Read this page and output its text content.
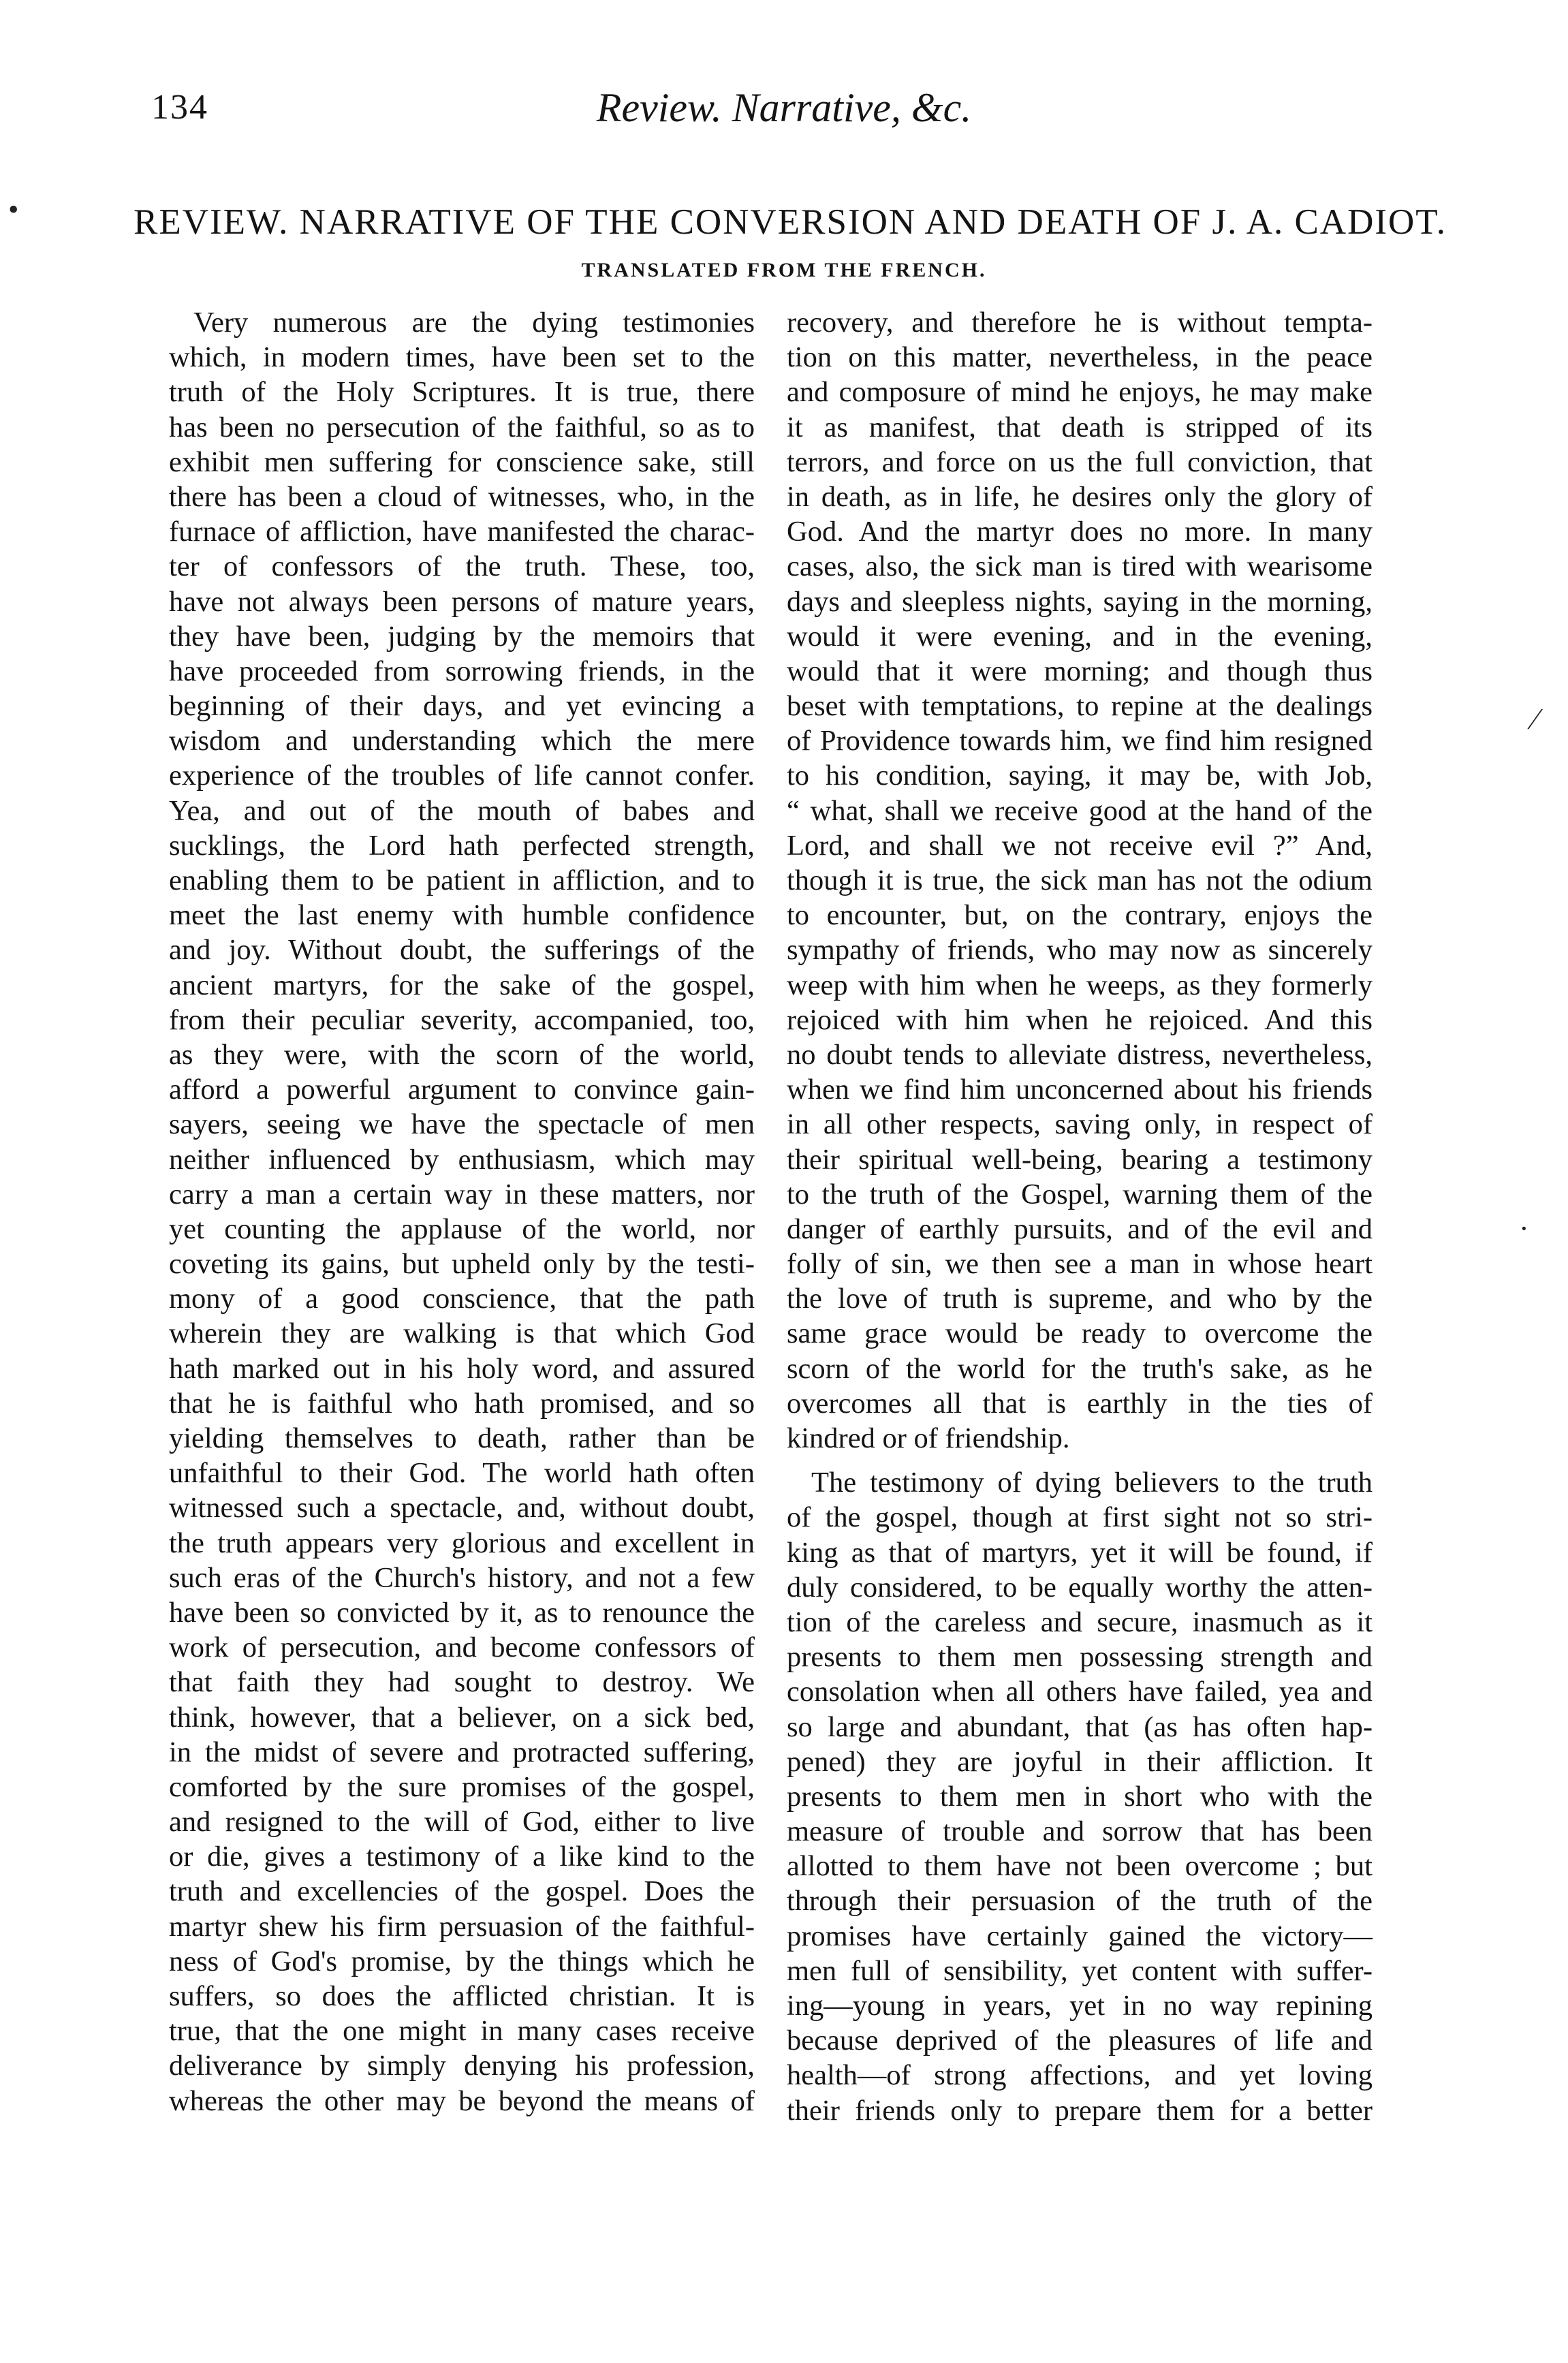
134	Review. Narrative, &c.
REVIEW. NARRATIVE OF THE CONVERSION AND DEATH OF J. A. CADIOT.
TRANSLATED FROM THE FRENCH.
Very numerous are the dying testimonies
which, in modern times, have been set to the
truth of the Holy Scriptures. It is true, there
has been no persecution of the faithful, so as to
exhibit men suffering for conscience sake, still
there has been a cloud of witnesses, who, in the
furnace of affliction, have manifested the charac-
ter of confessors of the truth. These, too,
have not always been persons of mature years,
they have been, judging by the memoirs that
have proceeded from sorrowing friends, in the
beginning of their days, and yet evincing a
wisdom and understanding which the mere
experience of the troubles of life cannot confer.
Yea, and out of the mouth of babes and
sucklings, the Lord hath perfected strength,
enabling them to be patient in affliction, and to
meet the last enemy with humble confidence
and joy. Without doubt, the sufferings of the
ancient martyrs, for the sake of the gospel,
from their peculiar severity, accompanied, too,
as they were, with the scorn of the world,
afford a powerful argument to convince gain-
sayers, seeing we have the spectacle of men
neither influenced by enthusiasm, which may
carry a man a certain way in these matters, nor
yet counting the applause of the world, nor
coveting its gains, but upheld only by the testi-
mony of a good conscience, that the path
wherein they are walking is that which God
hath marked out in his holy word, and assured
that he is faithful who hath promised, and so
yielding themselves to death, rather than be
unfaithful to their God. The world hath often
witnessed such a spectacle, and, without doubt,
the truth appears very glorious and excellent in
such eras of the Church's history, and not a few
have been so convicted by it, as to renounce the
work of persecution, and become confessors of
that faith they had sought to destroy. We
think, however, that a believer, on a sick bed,
in the midst of severe and protracted suffering,
comforted by the sure promises of the gospel,
and resigned to the will of God, either to live
or die, gives a testimony of a like kind to the
truth and excellencies of the gospel. Does the
martyr shew his firm persuasion of the faithful-
ness of God's promise, by the things which he
suffers, so does the afflicted christian. It is
true, that the one might in many cases receive
deliverance by simply denying his profession,
whereas the other may be beyond the means of
recovery, and therefore he is without tempta-
tion on this matter, nevertheless, in the peace
and composure of mind he enjoys, he may make
it as manifest, that death is stripped of its
terrors, and force on us the full conviction, that
in death, as in life, he desires only the glory of
God. And the martyr does no more. In many
cases, also, the sick man is tired with wearisome
days and sleepless nights, saying in the morning,
would it were evening, and in the evening,
would that it were morning; and though thus
beset with temptations, to repine at the dealings
of Providence towards him, we find him resigned
to his condition, saying, it may be, with Job,
“ what, shall we receive good at the hand of the
Lord, and shall we not receive evil ?” And,
though it is true, the sick man has not the odium
to encounter, but, on the contrary, enjoys the
sympathy of friends, who may now as sincerely
weep with him when he weeps, as they formerly
rejoiced with him when he rejoiced. And this
no doubt tends to alleviate distress, nevertheless,
when we find him unconcerned about his friends
in all other respects, saving only, in respect of
their spiritual well-being, bearing a testimony
to the truth of the Gospel, warning them of the
danger of earthly pursuits, and of the evil and
folly of sin, we then see a man in whose heart
the love of truth is supreme, and who by the
same grace would be ready to overcome the
scorn of the world for the truth's sake, as he
overcomes all that is earthly in the ties of
kindred or of friendship.
The testimony of dying believers to the truth
of the gospel, though at first sight not so stri-
king as that of martyrs, yet it will be found, if
duly considered, to be equally worthy the atten-
tion of the careless and secure, inasmuch as it
presents to them men possessing strength and
consolation when all others have failed, yea and
so large and abundant, that (as has often hap-
pened) they are joyful in their affliction. It
presents to them men in short who with the
measure of trouble and sorrow that has been
allotted to them have not been overcome ; but
through their persuasion of the truth of the
promises have certainly gained the victory—
men full of sensibility, yet content with suffer-
ing—young in years, yet in no way repining
because deprived of the pleasures of life and
health—of strong affections, and yet loving
their friends only to prepare them for a better
•
⁄
·
